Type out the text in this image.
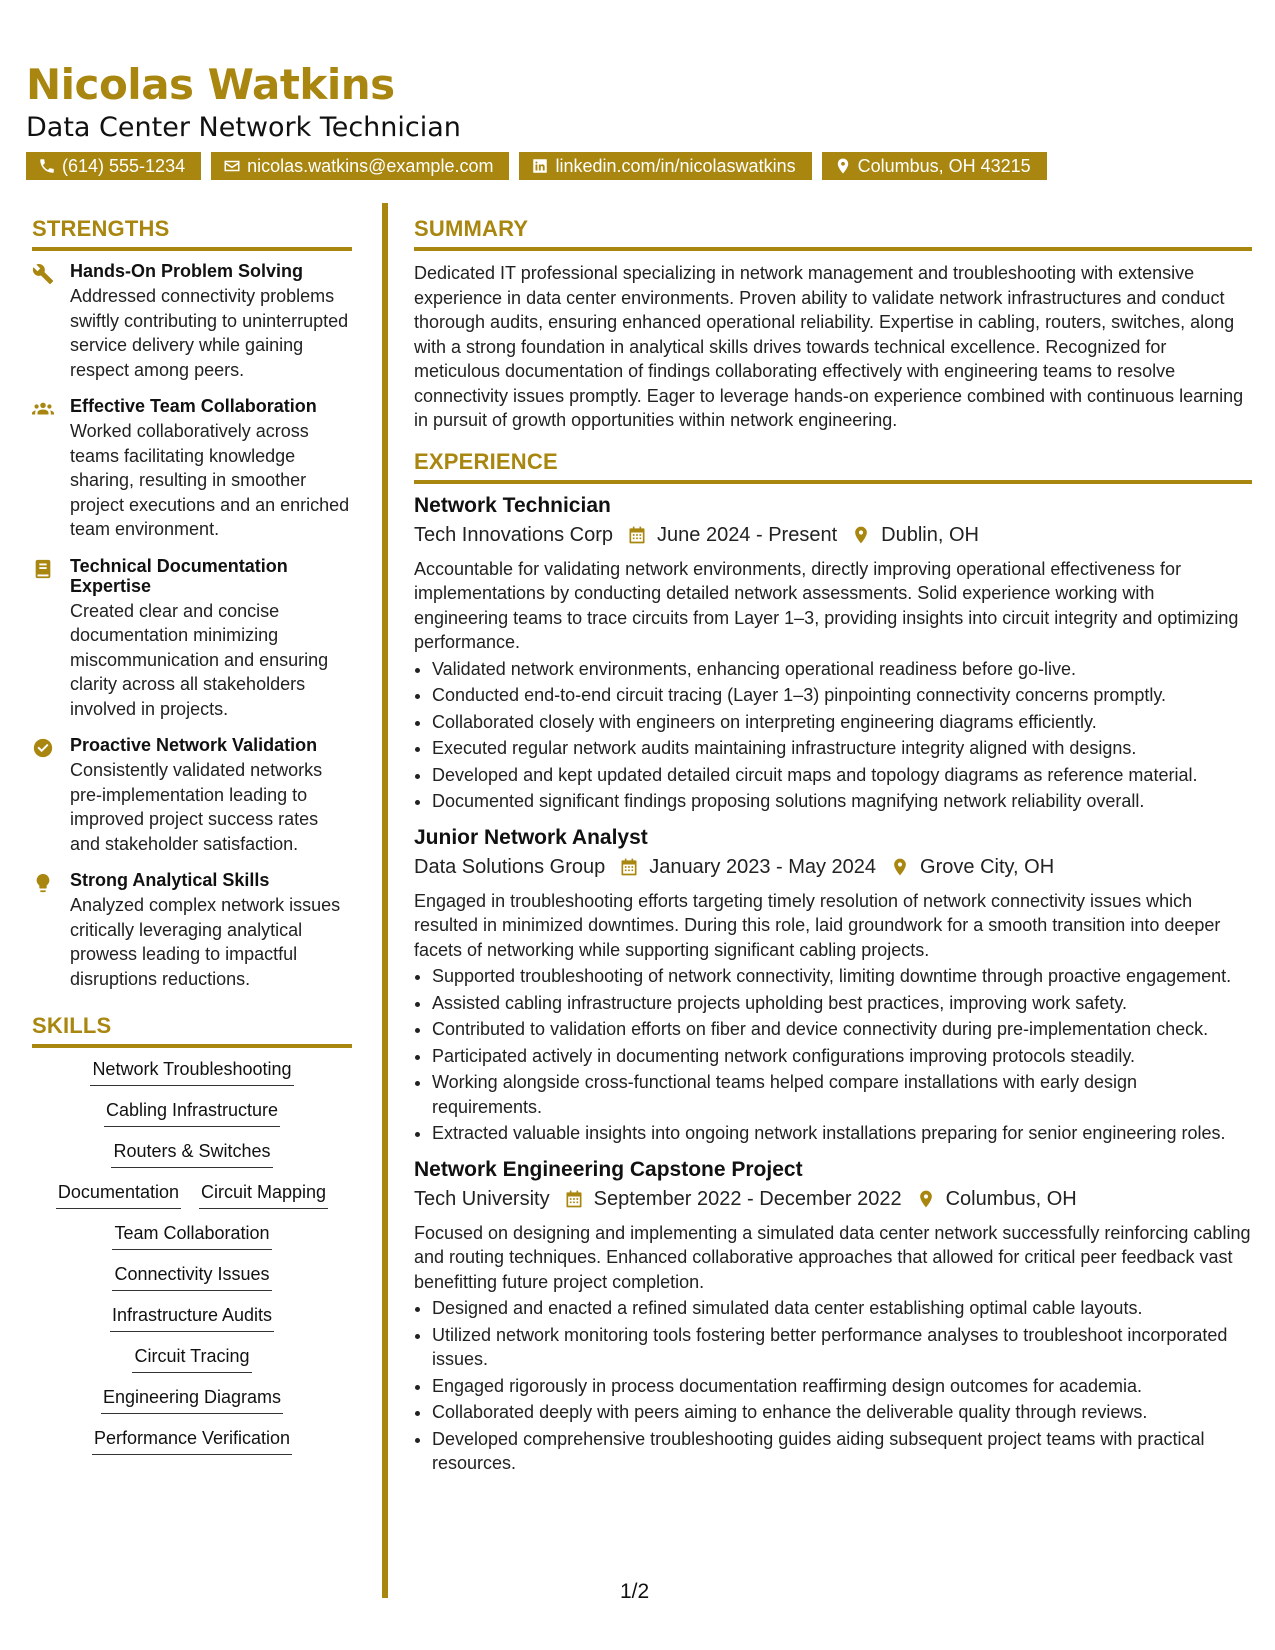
Nicolas Watkins
Data Center Network Technician
(614) 555-1234	nicolas.watkins@example.com	linkedin.com/in/nicolaswatkins	Columbus, OH 43215
STRENGTHS
Hands-On Problem Solving
Addressed connectivity problems swiftly contributing to uninterrupted service delivery while gaining respect among peers.
Effective Team Collaboration
Worked collaboratively across teams facilitating knowledge sharing, resulting in smoother project executions and an enriched team environment.
Technical Documentation Expertise
Created clear and concise documentation minimizing miscommunication and ensuring clarity across all stakeholders involved in projects.
Proactive Network Validation
Consistently validated networks pre-implementation leading to improved project success rates and stakeholder satisfaction.
Strong Analytical Skills
Analyzed complex network issues critically leveraging analytical prowess leading to impactful disruptions reductions.
SKILLS
Network Troubleshooting
Cabling Infrastructure
Routers & Switches
Documentation Circuit Mapping
Team Collaboration
Connectivity Issues
Infrastructure Audits
Circuit Tracing
Engineering Diagrams
Performance Verification
SUMMARY
Dedicated IT professional specializing in network management and troubleshooting with extensive experience in data center environments. Proven ability to validate network infrastructures and conduct thorough audits, ensuring enhanced operational reliability. Expertise in cabling, routers, switches, along with a strong foundation in analytical skills drives towards technical excellence. Recognized for meticulous documentation of findings collaborating effectively with engineering teams to resolve connectivity issues promptly. Eager to leverage hands-on experience combined with continuous learning in pursuit of growth opportunities within network engineering.
EXPERIENCE
Network Technician
Tech Innovations Corp June 2024 - Present Dublin, OH
Accountable for validating network environments, directly improving operational effectiveness for implementations by conducting detailed network assessments. Solid experience working with engineering teams to trace circuits from Layer 1–3, providing insights into circuit integrity and optimizing performance.
• Validated network environments, enhancing operational readiness before go-live.
• Conducted end-to-end circuit tracing (Layer 1–3) pinpointing connectivity concerns promptly.
• Collaborated closely with engineers on interpreting engineering diagrams efficiently.
• Executed regular network audits maintaining infrastructure integrity aligned with designs.
• Developed and kept updated detailed circuit maps and topology diagrams as reference material.
• Documented significant findings proposing solutions magnifying network reliability overall.
Junior Network Analyst
Data Solutions Group January 2023 - May 2024 Grove City, OH
Engaged in troubleshooting efforts targeting timely resolution of network connectivity issues which resulted in minimized downtimes. During this role, laid groundwork for a smooth transition into deeper facets of networking while supporting significant cabling projects.
• Supported troubleshooting of network connectivity, limiting downtime through proactive engagement.
• Assisted cabling infrastructure projects upholding best practices, improving work safety.
• Contributed to validation efforts on fiber and device connectivity during pre-implementation check.
• Participated actively in documenting network configurations improving protocols steadily.
• Working alongside cross-functional teams helped compare installations with early design requirements.
• Extracted valuable insights into ongoing network installations preparing for senior engineering roles.
Network Engineering Capstone Project
Tech University September 2022 - December 2022 Columbus, OH
Focused on designing and implementing a simulated data center network successfully reinforcing cabling and routing techniques. Enhanced collaborative approaches that allowed for critical peer feedback vast benefitting future project completion.
• Designed and enacted a refined simulated data center establishing optimal cable layouts.
• Utilized network monitoring tools fostering better performance analyses to troubleshoot incorporated issues.
• Engaged rigorously in process documentation reaffirming design outcomes for academia.
• Collaborated deeply with peers aiming to enhance the deliverable quality through reviews.
• Developed comprehensive troubleshooting guides aiding subsequent project teams with practical resources.
1/2
